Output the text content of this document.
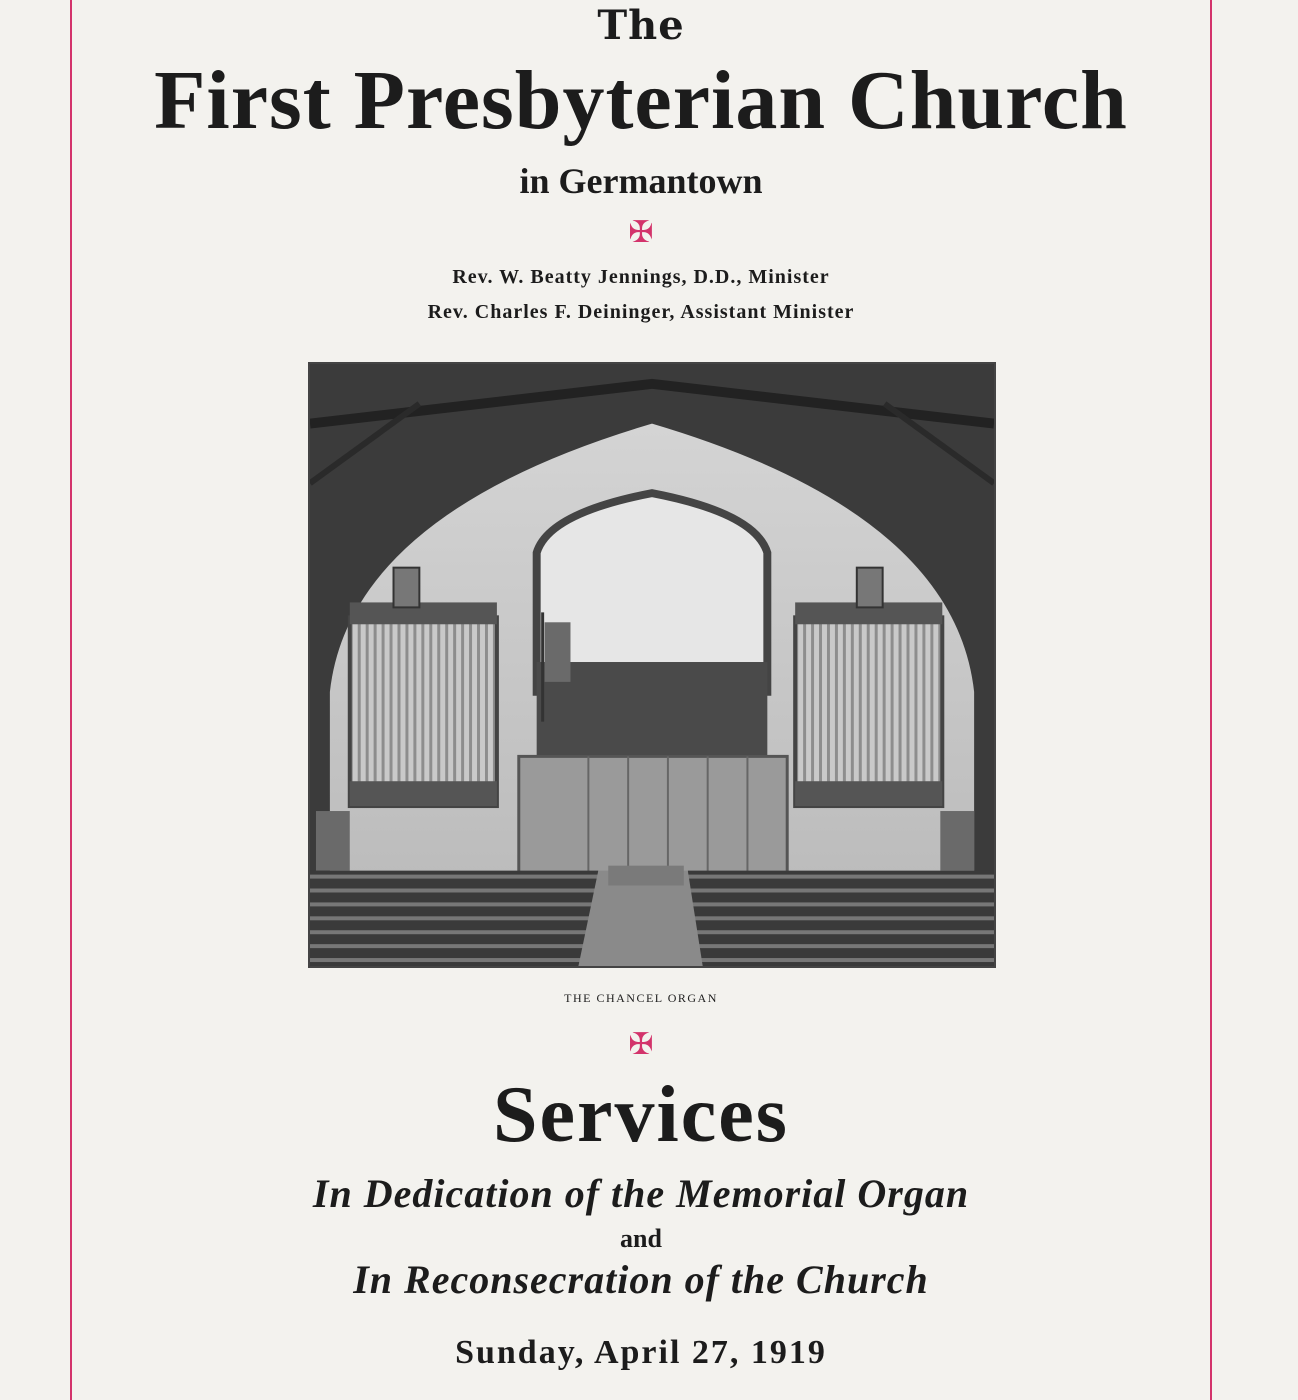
The
First Presbyterian Church
in Germantown
✠
Rev. W. Beatty Jennings, D.D., Minister
Rev. Charles F. Deininger, Assistant Minister
THE CHANCEL ORGAN
✠
Services
In Dedication of the Memorial Organ
and
In Reconsecration of the Church
Sunday, April 27, 1919
